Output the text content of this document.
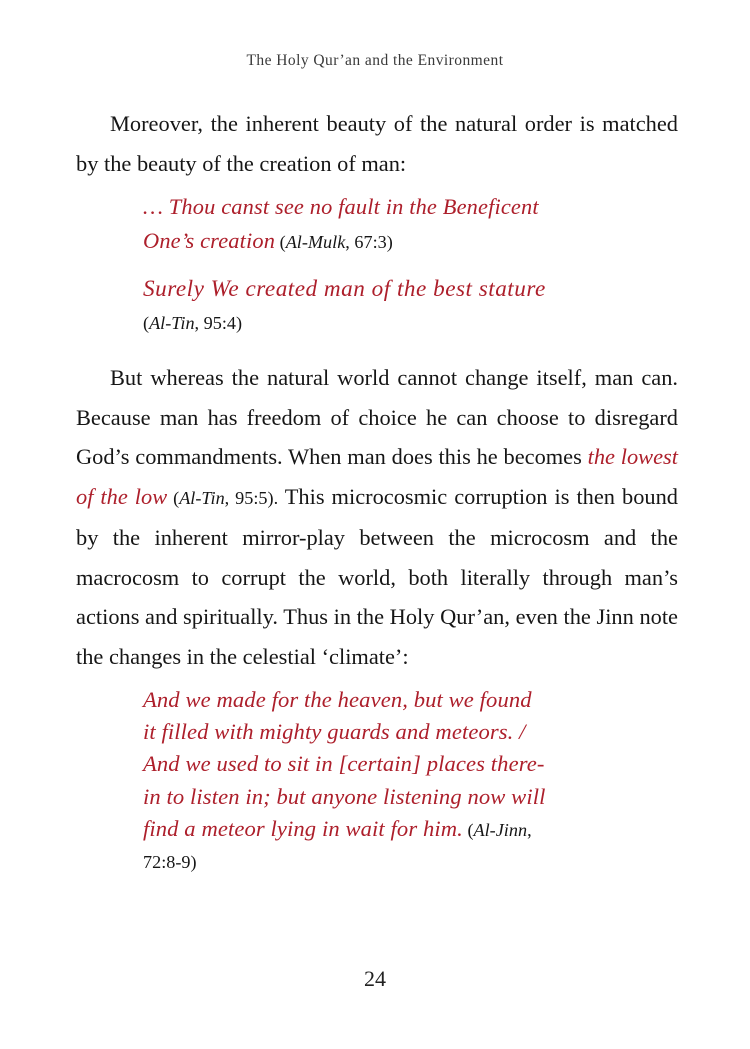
The Holy Qur’an and the Environment

Moreover, the inherent beauty of the natural order is matched by the beauty of the creation of man:

… Thou canst see no fault in the Beneficent
One’s creation (Al-Mulk, 67:3)
Surely We created man of the best stature
(Al-Tin, 95:4)

But whereas the natural world cannot change itself, man can. Because man has freedom of choice he can choose to disregard God’s commandments. When man does this he becomes the lowest of the low (Al-Tin, 95:5). This microcosmic corruption is then bound by the inherent mirror-play between the microcosm and the macrocosm to corrupt the world, both literally through man’s actions and spiritually. Thus in the Holy Qur’an, even the Jinn note the changes in the celestial ‘climate’:

And we made for the heaven, but we found
it filled with mighty guards and meteors. /
And we used to sit in [certain] places there-
in to listen in; but anyone listening now will
find a meteor lying in wait for him. (Al-Jinn,
72:8-9)
24
